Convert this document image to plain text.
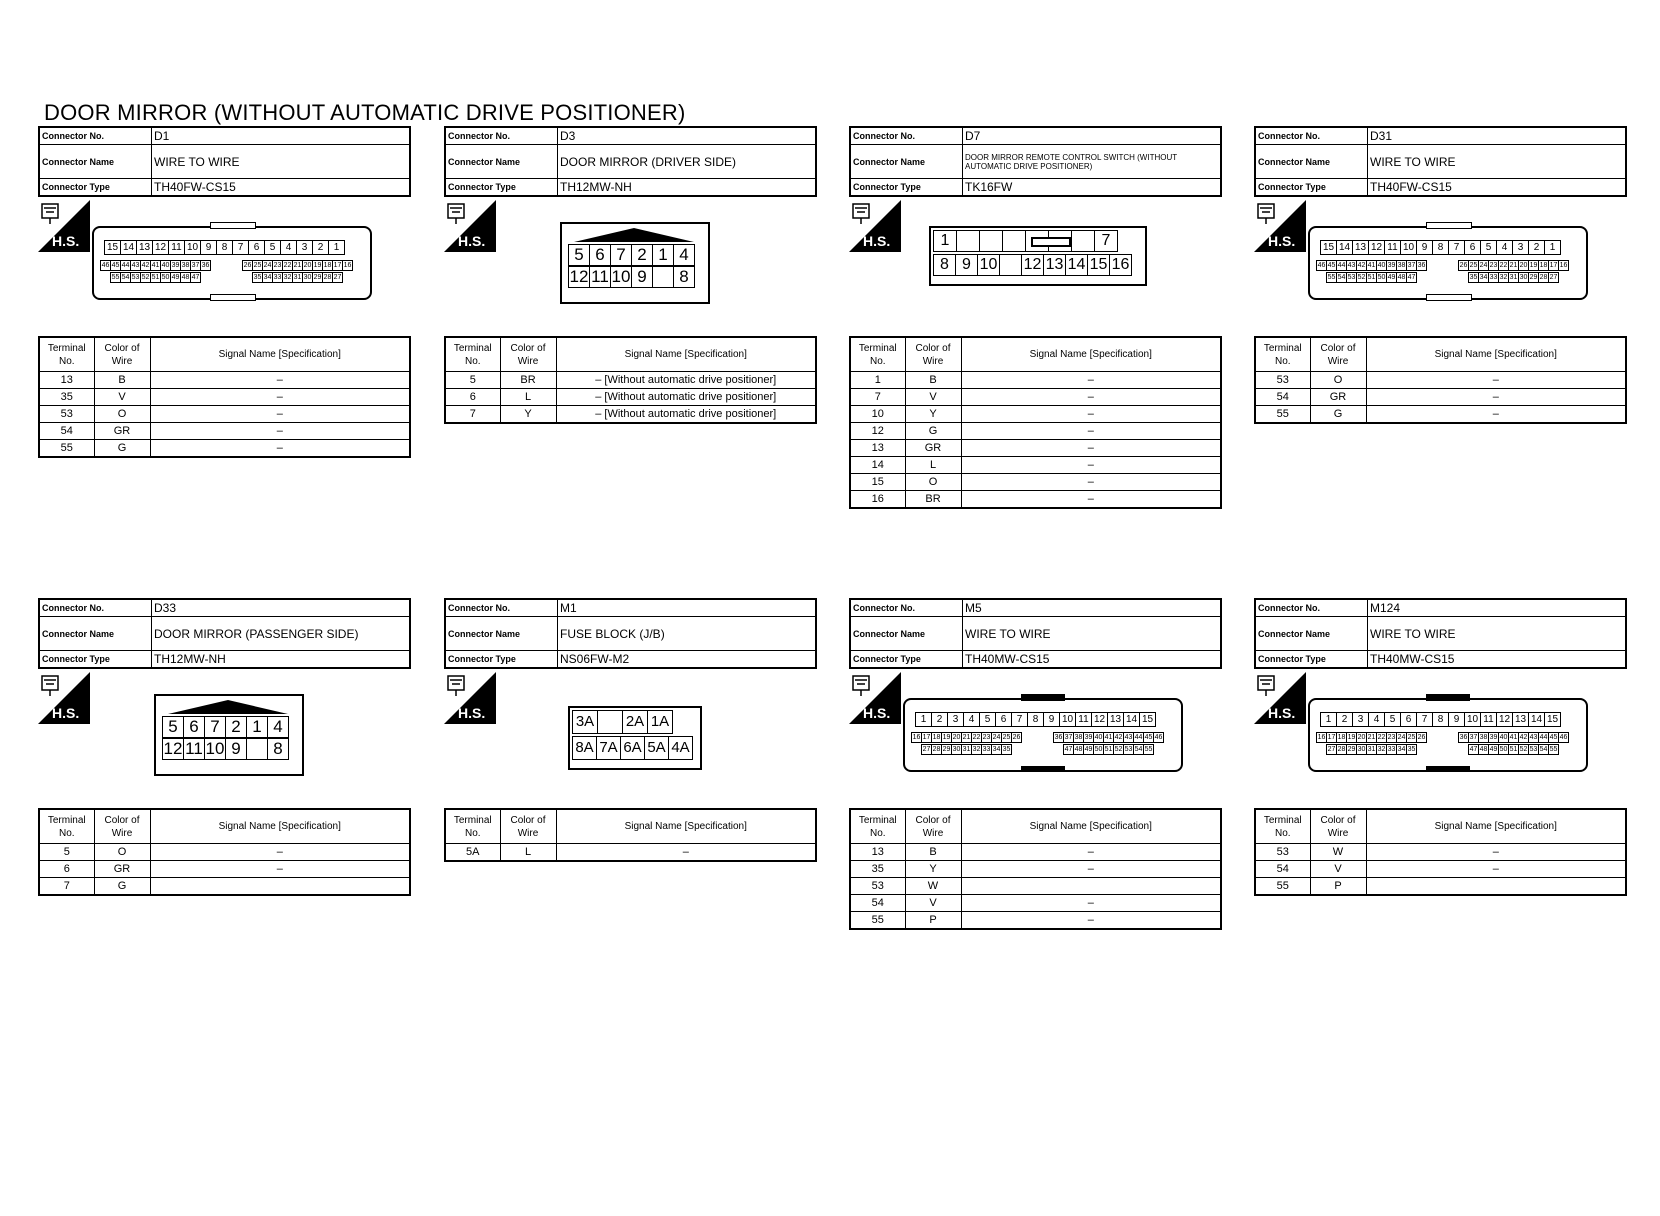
DOOR MIRROR (WITHOUT AUTOMATIC DRIVE POSITIONER)
Connector No.	D1
Connector Name	WIRE TO WIRE
Connector Type	TH40FW-CS15
H.S.	15	14	13	12	11	10	9	8	7	6	5	4	3	2	1
46	45	44	43	42	41	40	39	38	37	36	26	25	24	23	22	21	20	19	18	17	16
55	54	53	52	51	50	49	48	47	35	34	33	32	31	30	29	28	27
Terminal No.	Color of Wire	Signal Name [Specification]
13	B	–
35	V	–
53	O	–
54	GR	–
55	G	–
Connector No.	D3
Connector Name	DOOR MIRROR (DRIVER SIDE)
Connector Type	TH12MW-NH
H.S.
5	6	7	2	1	4
12	11	10	9		8
Terminal No.	Color of Wire	Signal Name [Specification]
5	BR	– [Without automatic drive positioner]
6	L	– [Without automatic drive positioner]
7	Y	– [Without automatic drive positioner]
Connector No.	D7
Connector Name	DOOR MIRROR REMOTE CONTROL SWITCH (WITHOUT AUTOMATIC DRIVE POSITIONER)
Connector Type	TK16FW
H.S.	1							7
8	9	10		12	13	14	15	16
Terminal No.	Color of Wire	Signal Name [Specification]
1	B	–
7	V	–
10	Y	–
12	G	–
13	GR	–
14	L	–
15	O	–
16	BR	–
Connector No.	D31
Connector Name	WIRE TO WIRE
Connector Type	TH40FW-CS15
H.S.	15	14	13	12	11	10	9	8	7	6	5	4	3	2	1
46	45	44	43	42	41	40	39	38	37	36	26	25	24	23	22	21	20	19	18	17	16
55	54	53	52	51	50	49	48	47	35	34	33	32	31	30	29	28	27
Terminal No.	Color of Wire	Signal Name [Specification]
53	O	–
54	GR	–
55	G	–
Connector No.	D33
Connector Name	DOOR MIRROR (PASSENGER SIDE)
Connector Type	TH12MW-NH
H.S.
5	6	7	2	1	4
12	11	10	9		8
Terminal No.	Color of Wire	Signal Name [Specification]
5	O	–
6	GR	–
7	G	
Connector No.	M1
Connector Name	FUSE BLOCK (J/B)
Connector Type	NS06FW-M2
H.S.	3A		2A	1A
8A	7A	6A	5A	4A
Terminal No.	Color of Wire	Signal Name [Specification]
5A	L	–
Connector No.	M5
Connector Name	WIRE TO WIRE
Connector Type	TH40MW-CS15
H.S.	1	2	3	4	5	6	7	8	9	10	11	12	13	14	15
16	17	18	19	20	21	22	23	24	25	26	36	37	38	39	40	41	42	43	44	45	46
27	28	29	30	31	32	33	34	35	47	48	49	50	51	52	53	54	55
Terminal No.	Color of Wire	Signal Name [Specification]
13	B	–
35	Y	–
53	W	
54	V	–
55	P	–
Connector No.	M124
Connector Name	WIRE TO WIRE
Connector Type	TH40MW-CS15
H.S.	1	2	3	4	5	6	7	8	9	10	11	12	13	14	15
16	17	18	19	20	21	22	23	24	25	26	36	37	38	39	40	41	42	43	44	45	46
27	28	29	30	31	32	33	34	35	47	48	49	50	51	52	53	54	55
Terminal No.	Color of Wire	Signal Name [Specification]
53	W	–
54	V	–
55	P	
